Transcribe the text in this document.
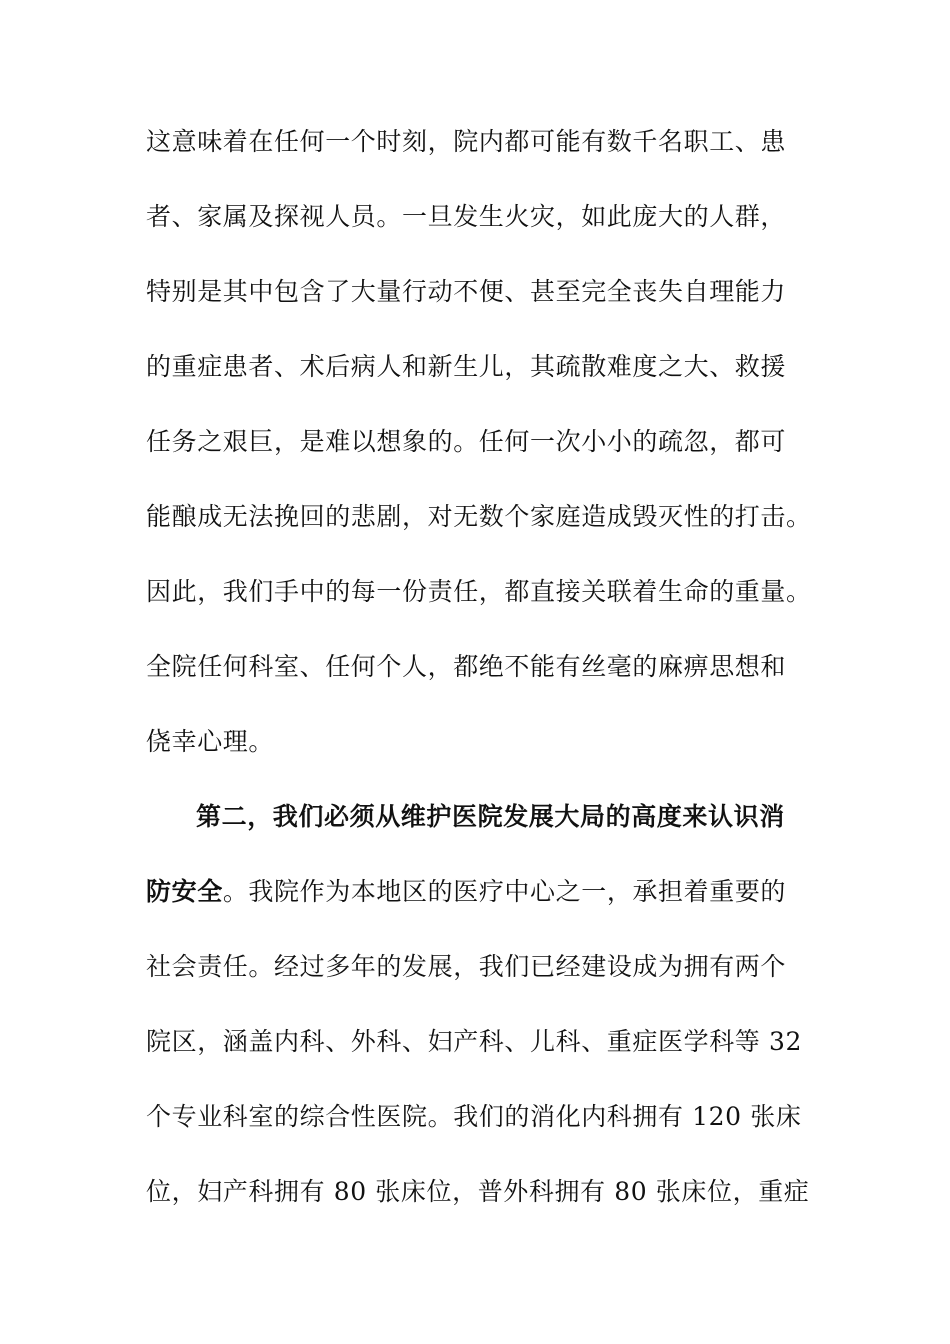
这意味着在任何一个时刻，院内都可能有数千名职工、患
者、家属及探视人员。一旦发生火灾，如此庞大的人群，
特别是其中包含了大量行动不便、甚至完全丧失自理能力
的重症患者、术后病人和新生儿，其疏散难度之大、救援
任务之艰巨，是难以想象的。任何一次小小的疏忽，都可
能酿成无法挽回的悲剧，对无数个家庭造成毁灭性的打击。
因此，我们手中的每一份责任，都直接关联着生命的重量。
全院任何科室、任何个人，都绝不能有丝毫的麻痹思想和
侥幸心理。
第二，我们必须从维护医院发展大局的高度来认识消
防安全。我院作为本地区的医疗中心之一，承担着重要的
社会责任。经过多年的发展，我们已经建设成为拥有两个
院区，涵盖内科、外科、妇产科、儿科、重症医学科等 32
个专业科室的综合性医院。我们的消化内科拥有 120 张床
位，妇产科拥有 80 张床位，普外科拥有 80 张床位，重症
